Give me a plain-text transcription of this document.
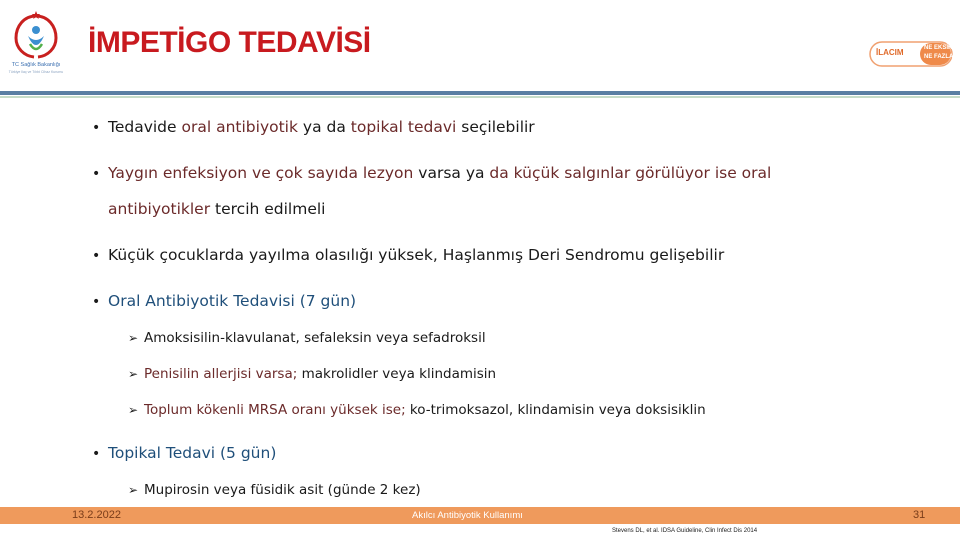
TC Sağlık Bakanlığı
Türkiye Ilaç ve Tıbbi Cihaz Kurumu
İMPETİGO TEDAVİSİ	İLACIM	NE EKSİK
NE FAZLA
• Tedavide oral antibiyotik ya da topikal tedavi seçilebilir
• Yaygın enfeksiyon ve çok sayıda lezyon varsa ya da küçük salgınlar görülüyor ise oral
antibiyotikler tercih edilmeli
• Küçük çocuklarda yayılma olasılığı yüksek, Haşlanmış Deri Sendromu gelişebilir
• Oral Antibiyotik Tedavisi (7 gün)
➢ Amoksisilin-klavulanat, sefaleksin veya sefadroksil
➢ Penisilin allerjisi varsa; makrolidler veya klindamisin
➢ Toplum kökenli MRSA oranı yüksek ise; ko-trimoksazol, klindamisin veya doksisiklin
• Topikal Tedavi (5 gün)
➢ Mupirosin veya füsidik asit (günde 2 kez)
13.2.2022	Akılcı Antibiyotik Kullanımı	31
Stevens DL, et al. IDSA Guideline, Clin Infect Dis 2014
